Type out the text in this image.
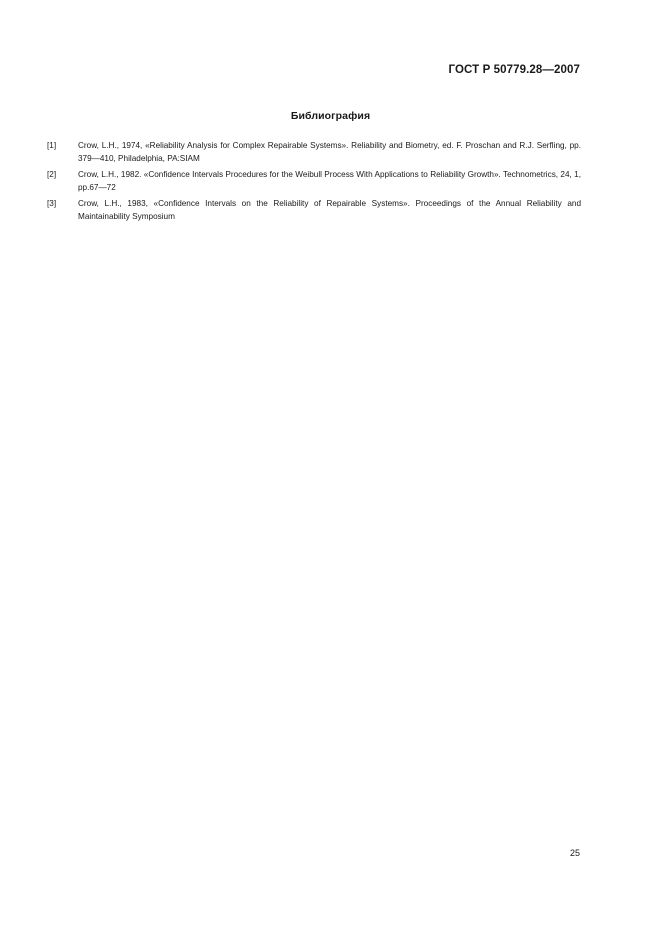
ГОСТ Р 50779.28—2007
Библиография
[1]	Crow, L.H., 1974, «Reliability Analysis for Complex Repairable Systems». Reliability and Biometry, ed. F. Proschan and R.J. Serfling, pp. 379—410, Philadelphia, PA:SIAM
[2]	Crow, L.H., 1982. «Confidence Intervals Procedures for the Weibull Process With Applications to Reliability Growth». Technometrics, 24, 1, pp.67—72
[3]	Crow, L.H., 1983, «Confidence Intervals on the Reliability of Repairable Systems». Proceedings of the Annual Reliability and Maintainability Symposium
25
